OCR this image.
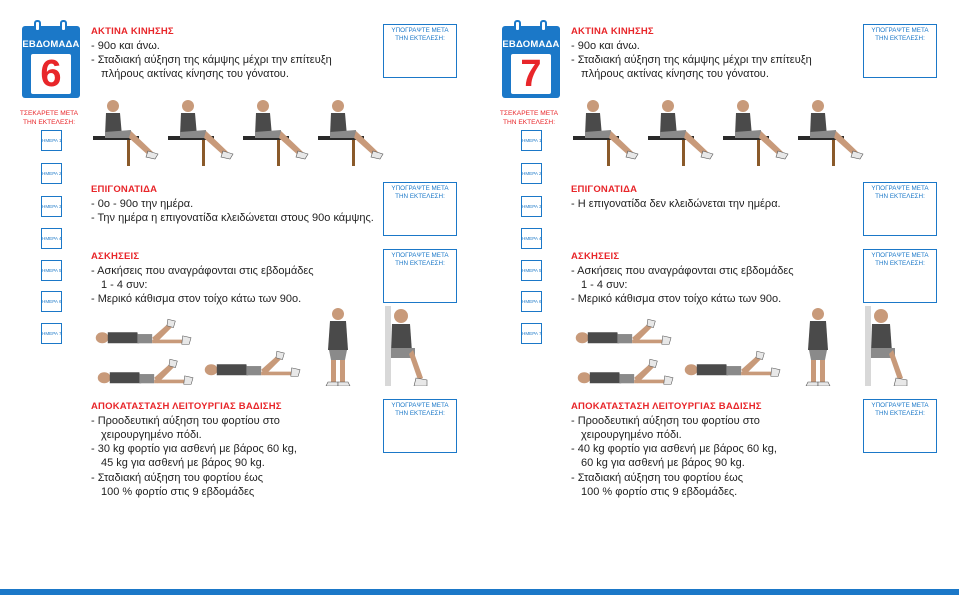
ΕΒΔΟΜΑΔΑ
6
ΑΚΤΙΝΑ ΚΙΝΗΣΗΣ
- 90ο και άνω.
- Σταδιακή αύξηση της κάμψης μέχρι την επίτευξη
πλήρους ακτίνας κίνησης του γόνατου.
ΥΠΟΓΡΑΨΤΕ ΜΕΤΑ ΤΗΝ ΕΚΤΕΛΕΣΗ:
ΤΣΕΚΑΡΕΤΕ ΜΕΤΑ ΤΗΝ ΕΚΤΕΛΕΣΗ:
ΗΜΕΡΑ 1
ΗΜΕΡΑ 2
ΗΜΕΡΑ 3
ΗΜΕΡΑ 4
ΗΜΕΡΑ 5
ΗΜΕΡΑ 6
ΗΜΕΡΑ 7
ΕΠΙΓΟΝΑΤΙΔΑ
- 0ο - 90ο την ημέρα.
- Την ημέρα η επιγονατίδα κλειδώνεται στους 90ο κάμψης.
ΥΠΟΓΡΑΨΤΕ ΜΕΤΑ ΤΗΝ ΕΚΤΕΛΕΣΗ:
ΑΣΚΗΣΕΙΣ
- Ασκήσεις που αναγράφονται στις εβδομάδες
1 - 4 συν:
- Μερικό κάθισμα στον τοίχο κάτω των 90ο.
ΥΠΟΓΡΑΨΤΕ ΜΕΤΑ ΤΗΝ ΕΚΤΕΛΕΣΗ:
ΑΠΟΚΑΤΑΣΤΑΣΗ ΛΕΙΤΟΥΡΓΙΑΣ ΒΑΔΙΣΗΣ
- Προοδευτική αύξηση του φορτίου στο
χειρουργημένο πόδι.
- 30 kg φορτίο για ασθενή με βάρος 60 kg,
45 kg για ασθενή με βάρος 90 kg.
- Σταδιακή αύξηση του φορτίου έως
100 % φορτίο στις 9 εβδομάδες
ΥΠΟΓΡΑΨΤΕ ΜΕΤΑ ΤΗΝ ΕΚΤΕΛΕΣΗ:
ΕΒΔΟΜΑΔΑ
7
ΑΚΤΙΝΑ ΚΙΝΗΣΗΣ
- 90ο και άνω.
- Σταδιακή αύξηση της κάμψης μέχρι την επίτευξη
πλήρους ακτίνας κίνησης του γόνατου.
ΥΠΟΓΡΑΨΤΕ ΜΕΤΑ ΤΗΝ ΕΚΤΕΛΕΣΗ:
ΤΣΕΚΑΡΕΤΕ ΜΕΤΑ ΤΗΝ ΕΚΤΕΛΕΣΗ:
ΗΜΕΡΑ 1
ΗΜΕΡΑ 2
ΗΜΕΡΑ 3
ΗΜΕΡΑ 4
ΗΜΕΡΑ 5
ΗΜΕΡΑ 6
ΗΜΕΡΑ 7
ΕΠΙΓΟΝΑΤΙΔΑ
- Η επιγονατίδα δεν κλειδώνεται την ημέρα.
ΥΠΟΓΡΑΨΤΕ ΜΕΤΑ ΤΗΝ ΕΚΤΕΛΕΣΗ:
ΑΣΚΗΣΕΙΣ
- Ασκήσεις που αναγράφονται στις εβδομάδες
1 - 4 συν:
- Μερικό κάθισμα στον τοίχο κάτω των 90ο.
ΥΠΟΓΡΑΨΤΕ ΜΕΤΑ ΤΗΝ ΕΚΤΕΛΕΣΗ:
ΑΠΟΚΑΤΑΣΤΑΣΗ ΛΕΙΤΟΥΡΓΙΑΣ ΒΑΔΙΣΗΣ
- Προοδευτική αύξηση του φορτίου στο
χειρουργημένο πόδι.
- 40 kg φορτίο για ασθενή με βάρος 60 kg,
60 kg για ασθενή με βάρος 90 kg.
- Σταδιακή αύξηση του φορτίου έως
100 % φορτίο στις 9 εβδομάδες.
ΥΠΟΓΡΑΨΤΕ ΜΕΤΑ ΤΗΝ ΕΚΤΕΛΕΣΗ:
